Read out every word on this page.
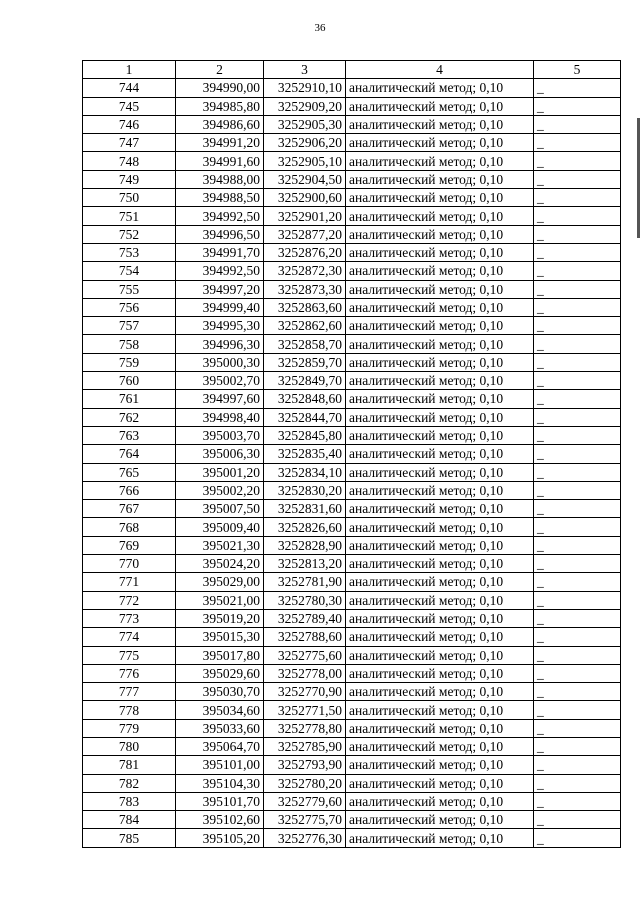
36
1	2	3	4	5
744	394990,00	3252910,10	аналитический метод; 0,10	_
745	394985,80	3252909,20	аналитический метод; 0,10	_
746	394986,60	3252905,30	аналитический метод; 0,10	_
747	394991,20	3252906,20	аналитический метод; 0,10	_
748	394991,60	3252905,10	аналитический метод; 0,10	_
749	394988,00	3252904,50	аналитический метод; 0,10	_
750	394988,50	3252900,60	аналитический метод; 0,10	_
751	394992,50	3252901,20	аналитический метод; 0,10	_
752	394996,50	3252877,20	аналитический метод; 0,10	_
753	394991,70	3252876,20	аналитический метод; 0,10	_
754	394992,50	3252872,30	аналитический метод; 0,10	_
755	394997,20	3252873,30	аналитический метод; 0,10	_
756	394999,40	3252863,60	аналитический метод; 0,10	_
757	394995,30	3252862,60	аналитический метод; 0,10	_
758	394996,30	3252858,70	аналитический метод; 0,10	_
759	395000,30	3252859,70	аналитический метод; 0,10	_
760	395002,70	3252849,70	аналитический метод; 0,10	_
761	394997,60	3252848,60	аналитический метод; 0,10	_
762	394998,40	3252844,70	аналитический метод; 0,10	_
763	395003,70	3252845,80	аналитический метод; 0,10	_
764	395006,30	3252835,40	аналитический метод; 0,10	_
765	395001,20	3252834,10	аналитический метод; 0,10	_
766	395002,20	3252830,20	аналитический метод; 0,10	_
767	395007,50	3252831,60	аналитический метод; 0,10	_
768	395009,40	3252826,60	аналитический метод; 0,10	_
769	395021,30	3252828,90	аналитический метод; 0,10	_
770	395024,20	3252813,20	аналитический метод; 0,10	_
771	395029,00	3252781,90	аналитический метод; 0,10	_
772	395021,00	3252780,30	аналитический метод; 0,10	_
773	395019,20	3252789,40	аналитический метод; 0,10	_
774	395015,30	3252788,60	аналитический метод; 0,10	_
775	395017,80	3252775,60	аналитический метод; 0,10	_
776	395029,60	3252778,00	аналитический метод; 0,10	_
777	395030,70	3252770,90	аналитический метод; 0,10	_
778	395034,60	3252771,50	аналитический метод; 0,10	_
779	395033,60	3252778,80	аналитический метод; 0,10	_
780	395064,70	3252785,90	аналитический метод; 0,10	_
781	395101,00	3252793,90	аналитический метод; 0,10	_
782	395104,30	3252780,20	аналитический метод; 0,10	_
783	395101,70	3252779,60	аналитический метод; 0,10	_
784	395102,60	3252775,70	аналитический метод; 0,10	_
785	395105,20	3252776,30	аналитический метод; 0,10	_
